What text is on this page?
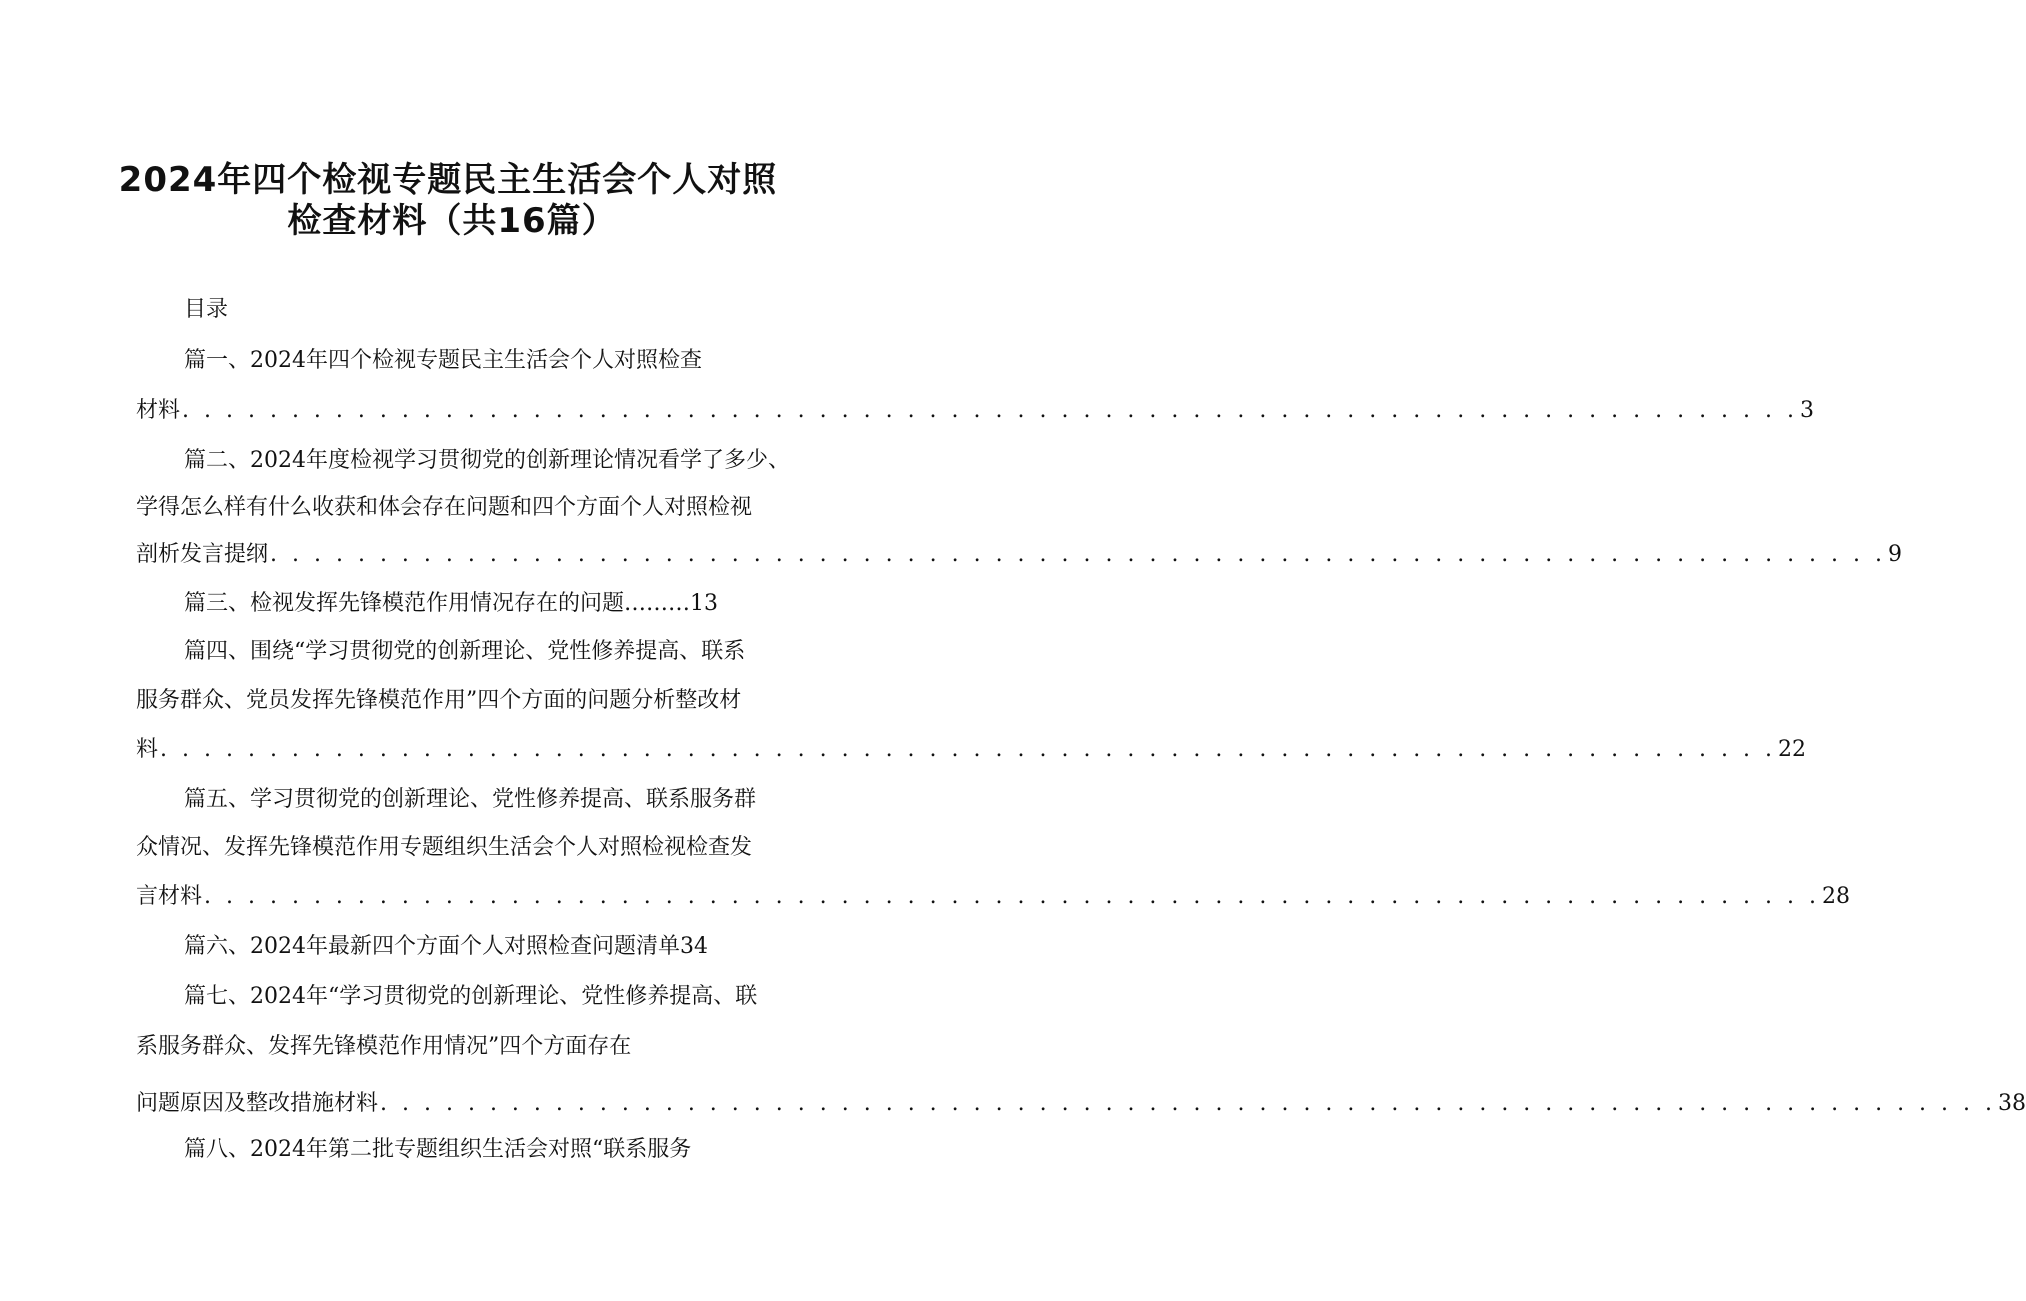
2024年四个检视专题民主生活会个人对照
检查材料（共16篇）
目录
篇一、2024年四个检视专题民主生活会个人对照检查
材料 . . . . . . . . . . . . . . . . . . . . . . . . . . . . . . . . . . . . . . . . . . . . . . . . . . . . . . . . . . . . . . . . . . . . . . . . . . 3
篇二、2024年度检视学习贯彻党的创新理论情况看学了多少、
学得怎么样有什么收获和体会存在问题和四个方面个人对照检视
剖析发言提纲 . . . . . . . . . . . . . . . . . . . . . . . . . . . . . . . . . . . . . . . . . . . . . . . . . . . . . . . . . . . . . . . . . . . . . . . . . . 9
篇三、检视发挥先锋模范作用情况存在的问题………13
篇四、围绕“学习贯彻党的创新理论、党性修养提高、联系
服务群众、党员发挥先锋模范作用”四个方面的问题分析整改材
料 . . . . . . . . . . . . . . . . . . . . . . . . . . . . . . . . . . . . . . . . . . . . . . . . . . . . . . . . . . . . . . . . . . . . . . . . . . 22
篇五、学习贯彻党的创新理论、党性修养提高、联系服务群
众情况、发挥先锋模范作用专题组织生活会个人对照检视检查发
言材料 . . . . . . . . . . . . . . . . . . . . . . . . . . . . . . . . . . . . . . . . . . . . . . . . . . . . . . . . . . . . . . . . . . . . . . . . . . 28
篇六、2024年最新四个方面个人对照检查问题清单34
篇七、2024年“学习贯彻党的创新理论、党性修养提高、联
系服务群众、发挥先锋模范作用情况”四个方面存在
问题原因及整改措施材料 . . . . . . . . . . . . . . . . . . . . . . . . . . . . . . . . . . . . . . . . . . . . . . . . . . . . . . . . . . . . . . . . . . . . . . . . . . 38
篇八、2024年第二批专题组织生活会对照“联系服务
